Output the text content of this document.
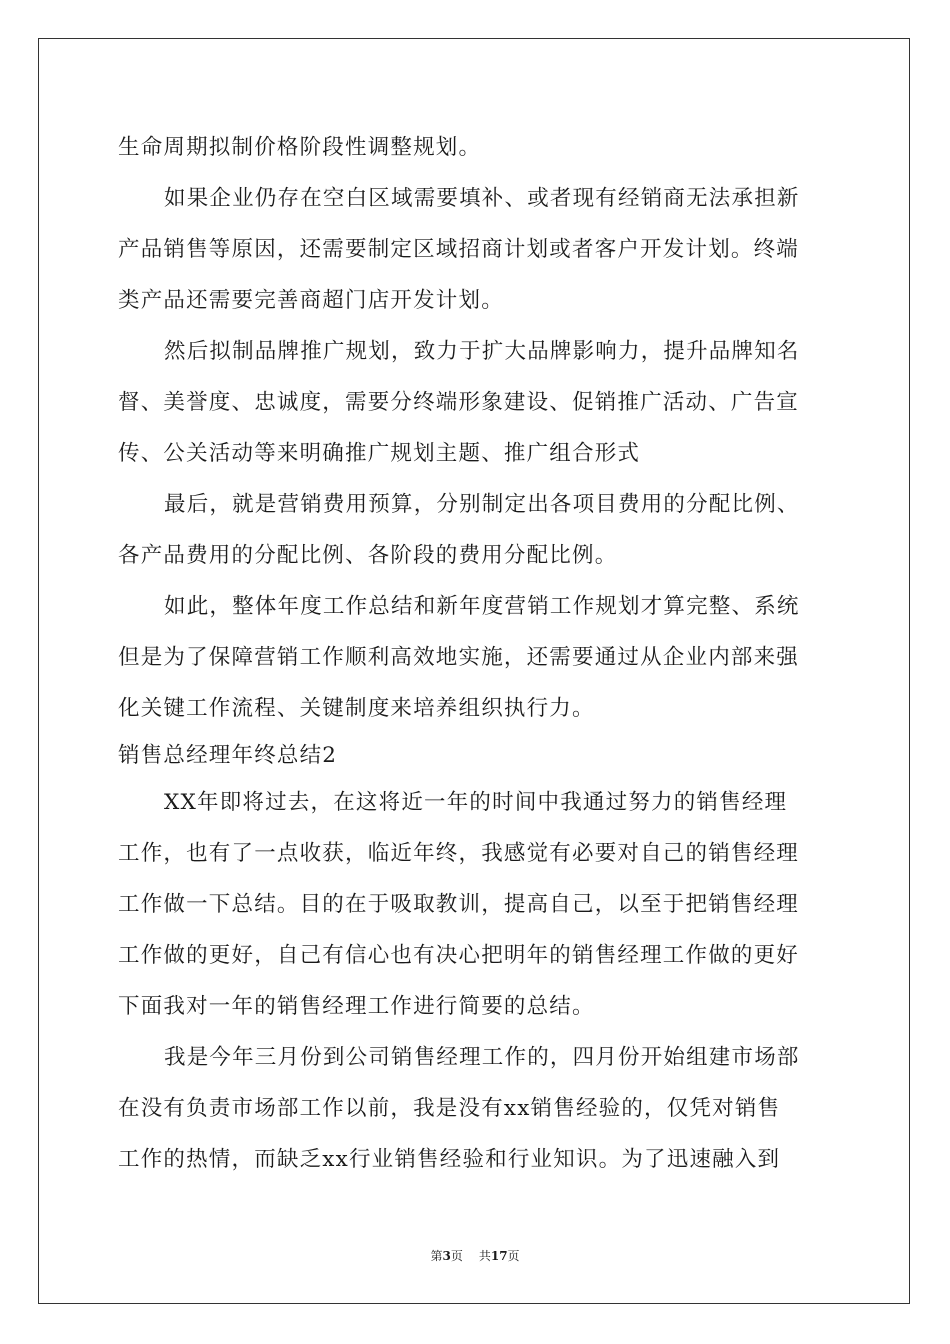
生命周期拟制价格阶段性调整规划。
如果企业仍存在空白区域需要填补、或者现有经销商无法承担新
产品销售等原因，还需要制定区域招商计划或者客户开发计划。终端
类产品还需要完善商超门店开发计划。
然后拟制品牌推广规划，致力于扩大品牌影响力，提升品牌知名
督、美誉度、忠诚度，需要分终端形象建设、促销推广活动、广告宣
传、公关活动等来明确推广规划主题、推广组合形式
最后，就是营销费用预算，分别制定出各项目费用的分配比例、
各产品费用的分配比例、各阶段的费用分配比例。
如此，整体年度工作总结和新年度营销工作规划才算完整、系统
但是为了保障营销工作顺利高效地实施，还需要通过从企业内部来强
化关键工作流程、关键制度来培养组织执行力。
销售总经理年终总结2
XX年即将过去，在这将近一年的时间中我通过努力的销售经理
工作，也有了一点收获，临近年终，我感觉有必要对自己的销售经理
工作做一下总结。目的在于吸取教训，提高自己，以至于把销售经理
工作做的更好，自己有信心也有决心把明年的销售经理工作做的更好
下面我对一年的销售经理工作进行简要的总结。
我是今年三月份到公司销售经理工作的，四月份开始组建市场部
在没有负责市场部工作以前，我是没有xx销售经验的，仅凭对销售
工作的热情，而缺乏xx行业销售经验和行业知识。为了迅速融入到
第3页 共17页
